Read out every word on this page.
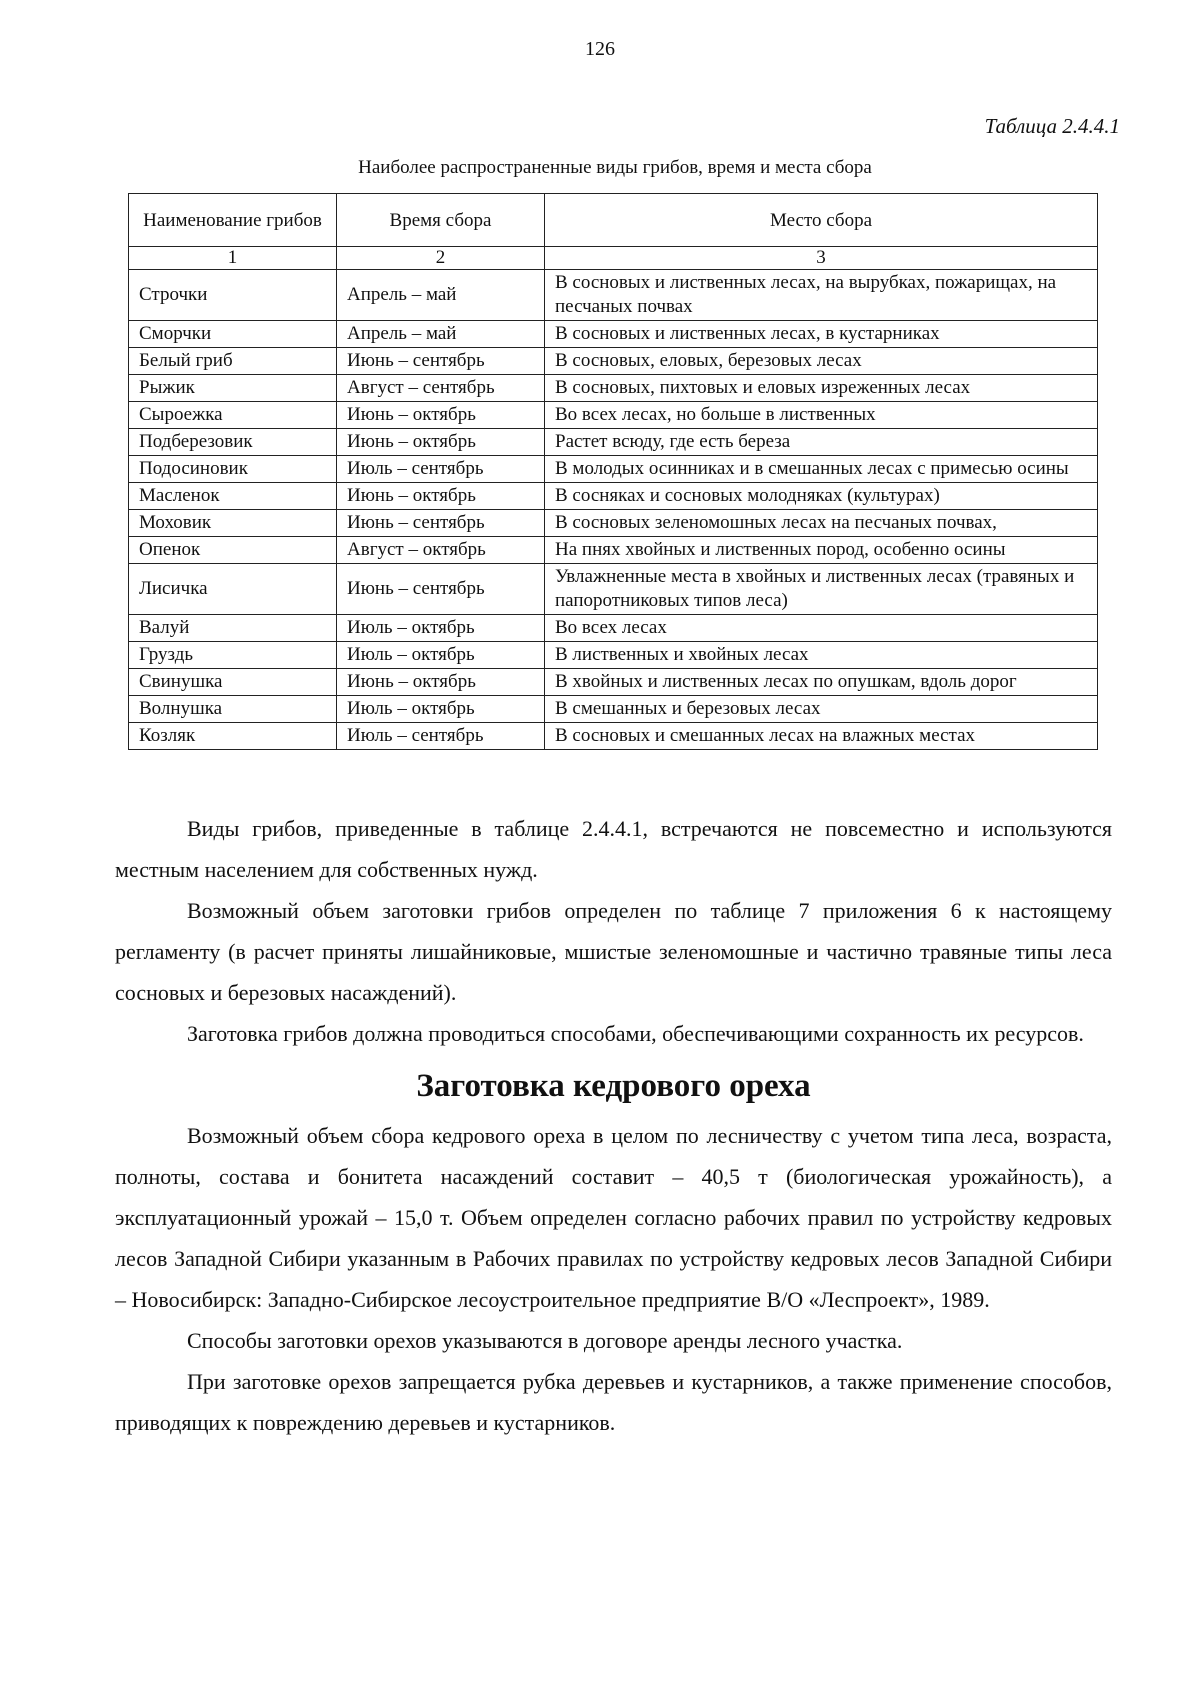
126
Таблица 2.4.4.1
Наиболее распространенные виды грибов, время и места сбора
Наименование грибов	Время сбора	Место сбора
1	2	3
Строчки	Апрель – май	В сосновых и лиственных лесах, на вырубках, пожарищах, на песчаных почвах
Сморчки	Апрель – май	В сосновых и лиственных лесах, в кустарниках
Белый гриб	Июнь – сентябрь	В сосновых, еловых, березовых лесах
Рыжик	Август – сентябрь	В сосновых, пихтовых и еловых изреженных лесах
Сыроежка	Июнь – октябрь	Во всех лесах, но больше в лиственных
Подберезовик	Июнь – октябрь	Растет всюду, где есть береза
Подосиновик	Июль – сентябрь	В молодых осинниках и в смешанных лесах с примесью осины
Масленок	Июнь – октябрь	В сосняках и сосновых молодняках (культурах)
Моховик	Июнь – сентябрь	В сосновых зеленомошных лесах на песчаных почвах,
Опенок	Август – октябрь	На пнях хвойных и лиственных пород, особенно осины
Лисичка	Июнь – сентябрь	Увлажненные места в хвойных и лиственных лесах (травяных и папоротниковых типов леса)
Валуй	Июль – октябрь	Во всех лесах
Груздь	Июль – октябрь	В лиственных и хвойных лесах
Свинушка	Июнь – октябрь	В хвойных и лиственных лесах по опушкам, вдоль дорог
Волнушка	Июль – октябрь	В смешанных и березовых лесах
Козляк	Июль – сентябрь	В сосновых и смешанных лесах на влажных местах

Виды грибов, приведенные в таблице 2.4.4.1, встречаются не повсеместно и используются местным населением для собственных нужд.

Возможный объем заготовки грибов определен по таблице 7 приложения 6 к настоящему регламенту (в расчет приняты лишайниковые, мшистые зеленомошные и частично травяные типы леса сосновых и березовых насаждений).

Заготовка грибов должна проводиться способами, обеспечивающими сохранность их ресурсов.

Заготовка кедрового ореха

Возможный объем сбора кедрового ореха в целом по лесничеству с учетом типа леса, возраста, полноты, состава и бонитета насаждений составит – 40,5 т (биологическая урожайность), а эксплуатационный урожай – 15,0 т. Объем определен согласно рабочих правил по устройству кедровых лесов Западной Сибири указанным в Рабочих правилах по устройству кедровых лесов Западной Сибири – Новосибирск: Западно-Сибирское лесоустроительное предприятие В/О «Леспроект», 1989.

Способы заготовки орехов указываются в договоре аренды лесного участка.

При заготовке орехов запрещается рубка деревьев и кустарников, а также применение способов, приводящих к повреждению деревьев и кустарников.
